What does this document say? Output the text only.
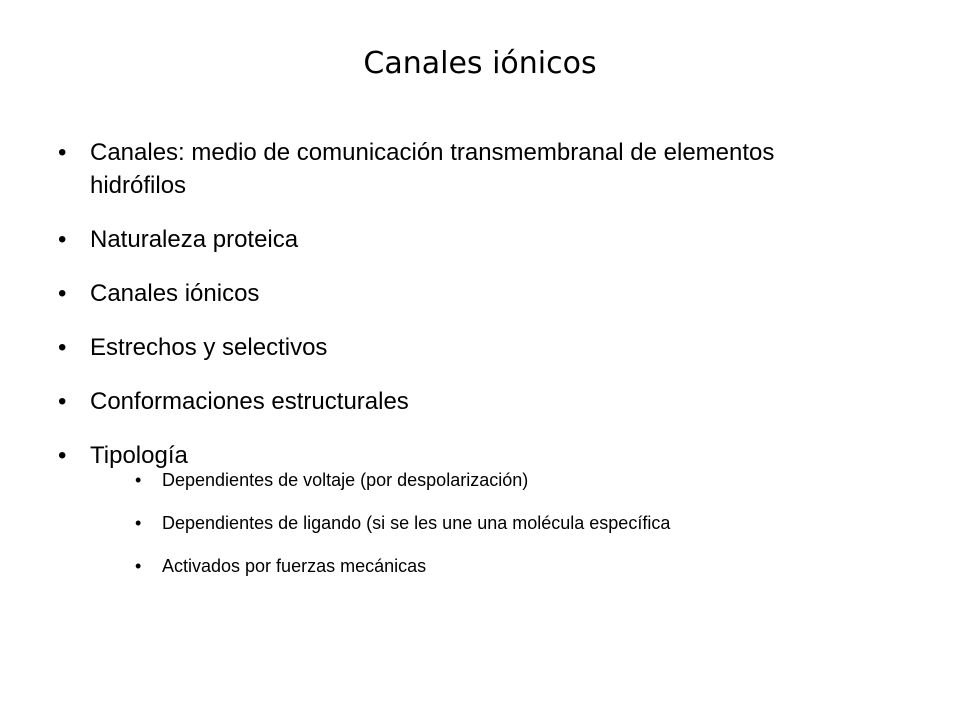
Canales iónicos
• Canales: medio de comunicación transmembranal de elementos hidrófilos
• Naturaleza proteica
• Canales iónicos
• Estrechos y selectivos
• Conformaciones estructurales
• Tipología
• Dependientes de voltaje (por despolarización)
• Dependientes de ligando (si se les une una molécula específica
• Activados por fuerzas mecánicas
